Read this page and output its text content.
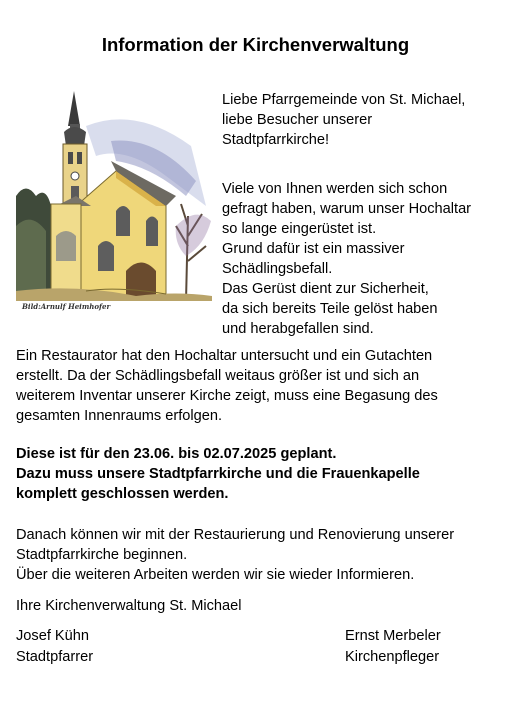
Information der Kirchenverwaltung
Bild:Arnulf Heimhofer

Liebe Pfarrgemeinde von St. Michael,
liebe Besucher unserer
Stadtpfarrkirche!

Viele von Ihnen werden sich schon
gefragt haben, warum unser Hochaltar
so lange eingerüstet ist.
Grund dafür ist ein massiver
Schädlingsbefall.
Das Gerüst dient zur Sicherheit,
da sich bereits Teile gelöst haben
und herabgefallen sind.

Ein Restaurator hat den Hochaltar untersucht und ein Gutachten
erstellt. Da der Schädlingsbefall weitaus größer ist und sich an
weiterem Inventar unserer Kirche zeigt, muss eine Begasung des
gesamten Innenraums erfolgen.
Diese ist für den 23.06. bis 02.07.2025 geplant.
Dazu muss unsere Stadtpfarrkirche und die Frauenkapelle
komplett geschlossen werden.
Danach können wir mit der Restaurierung und Renovierung unserer
Stadtpfarrkirche beginnen.
Über die weiteren Arbeiten werden wir sie wieder Informieren.
Ihre Kirchenverwaltung St. Michael
Josef Kühn
Stadtpfarrer
Ernst Merbeler
Kirchenpfleger
